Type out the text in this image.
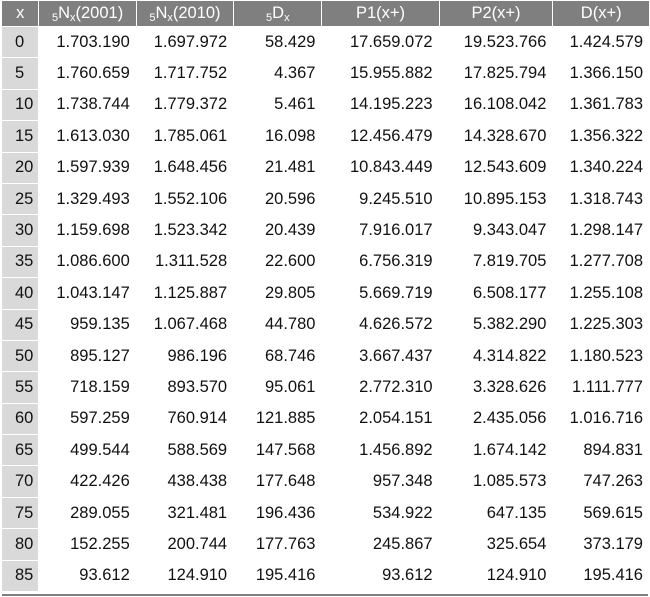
x	$_5N_x(2001)$	$_5N_x(2010)$	$_5D_x$	P1(x+)	P2(x+)	D(x+)
0	1.703.190	1.697.972	58.429	17.659.072	19.523.766	1.424.579
5	1.760.659	1.717.752	4.367	15.955.882	17.825.794	1.366.150
10	1.738.744	1.779.372	5.461	14.195.223	16.108.042	1.361.783
15	1.613.030	1.785.061	16.098	12.456.479	14.328.670	1.356.322
20	1.597.939	1.648.456	21.481	10.843.449	12.543.609	1.340.224
25	1.329.493	1.552.106	20.596	9.245.510	10.895.153	1.318.743
30	1.159.698	1.523.342	20.439	7.916.017	9.343.047	1.298.147
35	1.086.600	1.311.528	22.600	6.756.319	7.819.705	1.277.708
40	1.043.147	1.125.887	29.805	5.669.719	6.508.177	1.255.108
45	959.135	1.067.468	44.780	4.626.572	5.382.290	1.225.303
50	895.127	986.196	68.746	3.667.437	4.314.822	1.180.523
55	718.159	893.570	95.061	2.772.310	3.328.626	1.111.777
60	597.259	760.914	121.885	2.054.151	2.435.056	1.016.716
65	499.544	588.569	147.568	1.456.892	1.674.142	894.831
70	422.426	438.438	177.648	957.348	1.085.573	747.263
75	289.055	321.481	196.436	534.922	647.135	569.615
80	152.255	200.744	177.763	245.867	325.654	373.179
85	93.612	124.910	195.416	93.612	124.910	195.416
